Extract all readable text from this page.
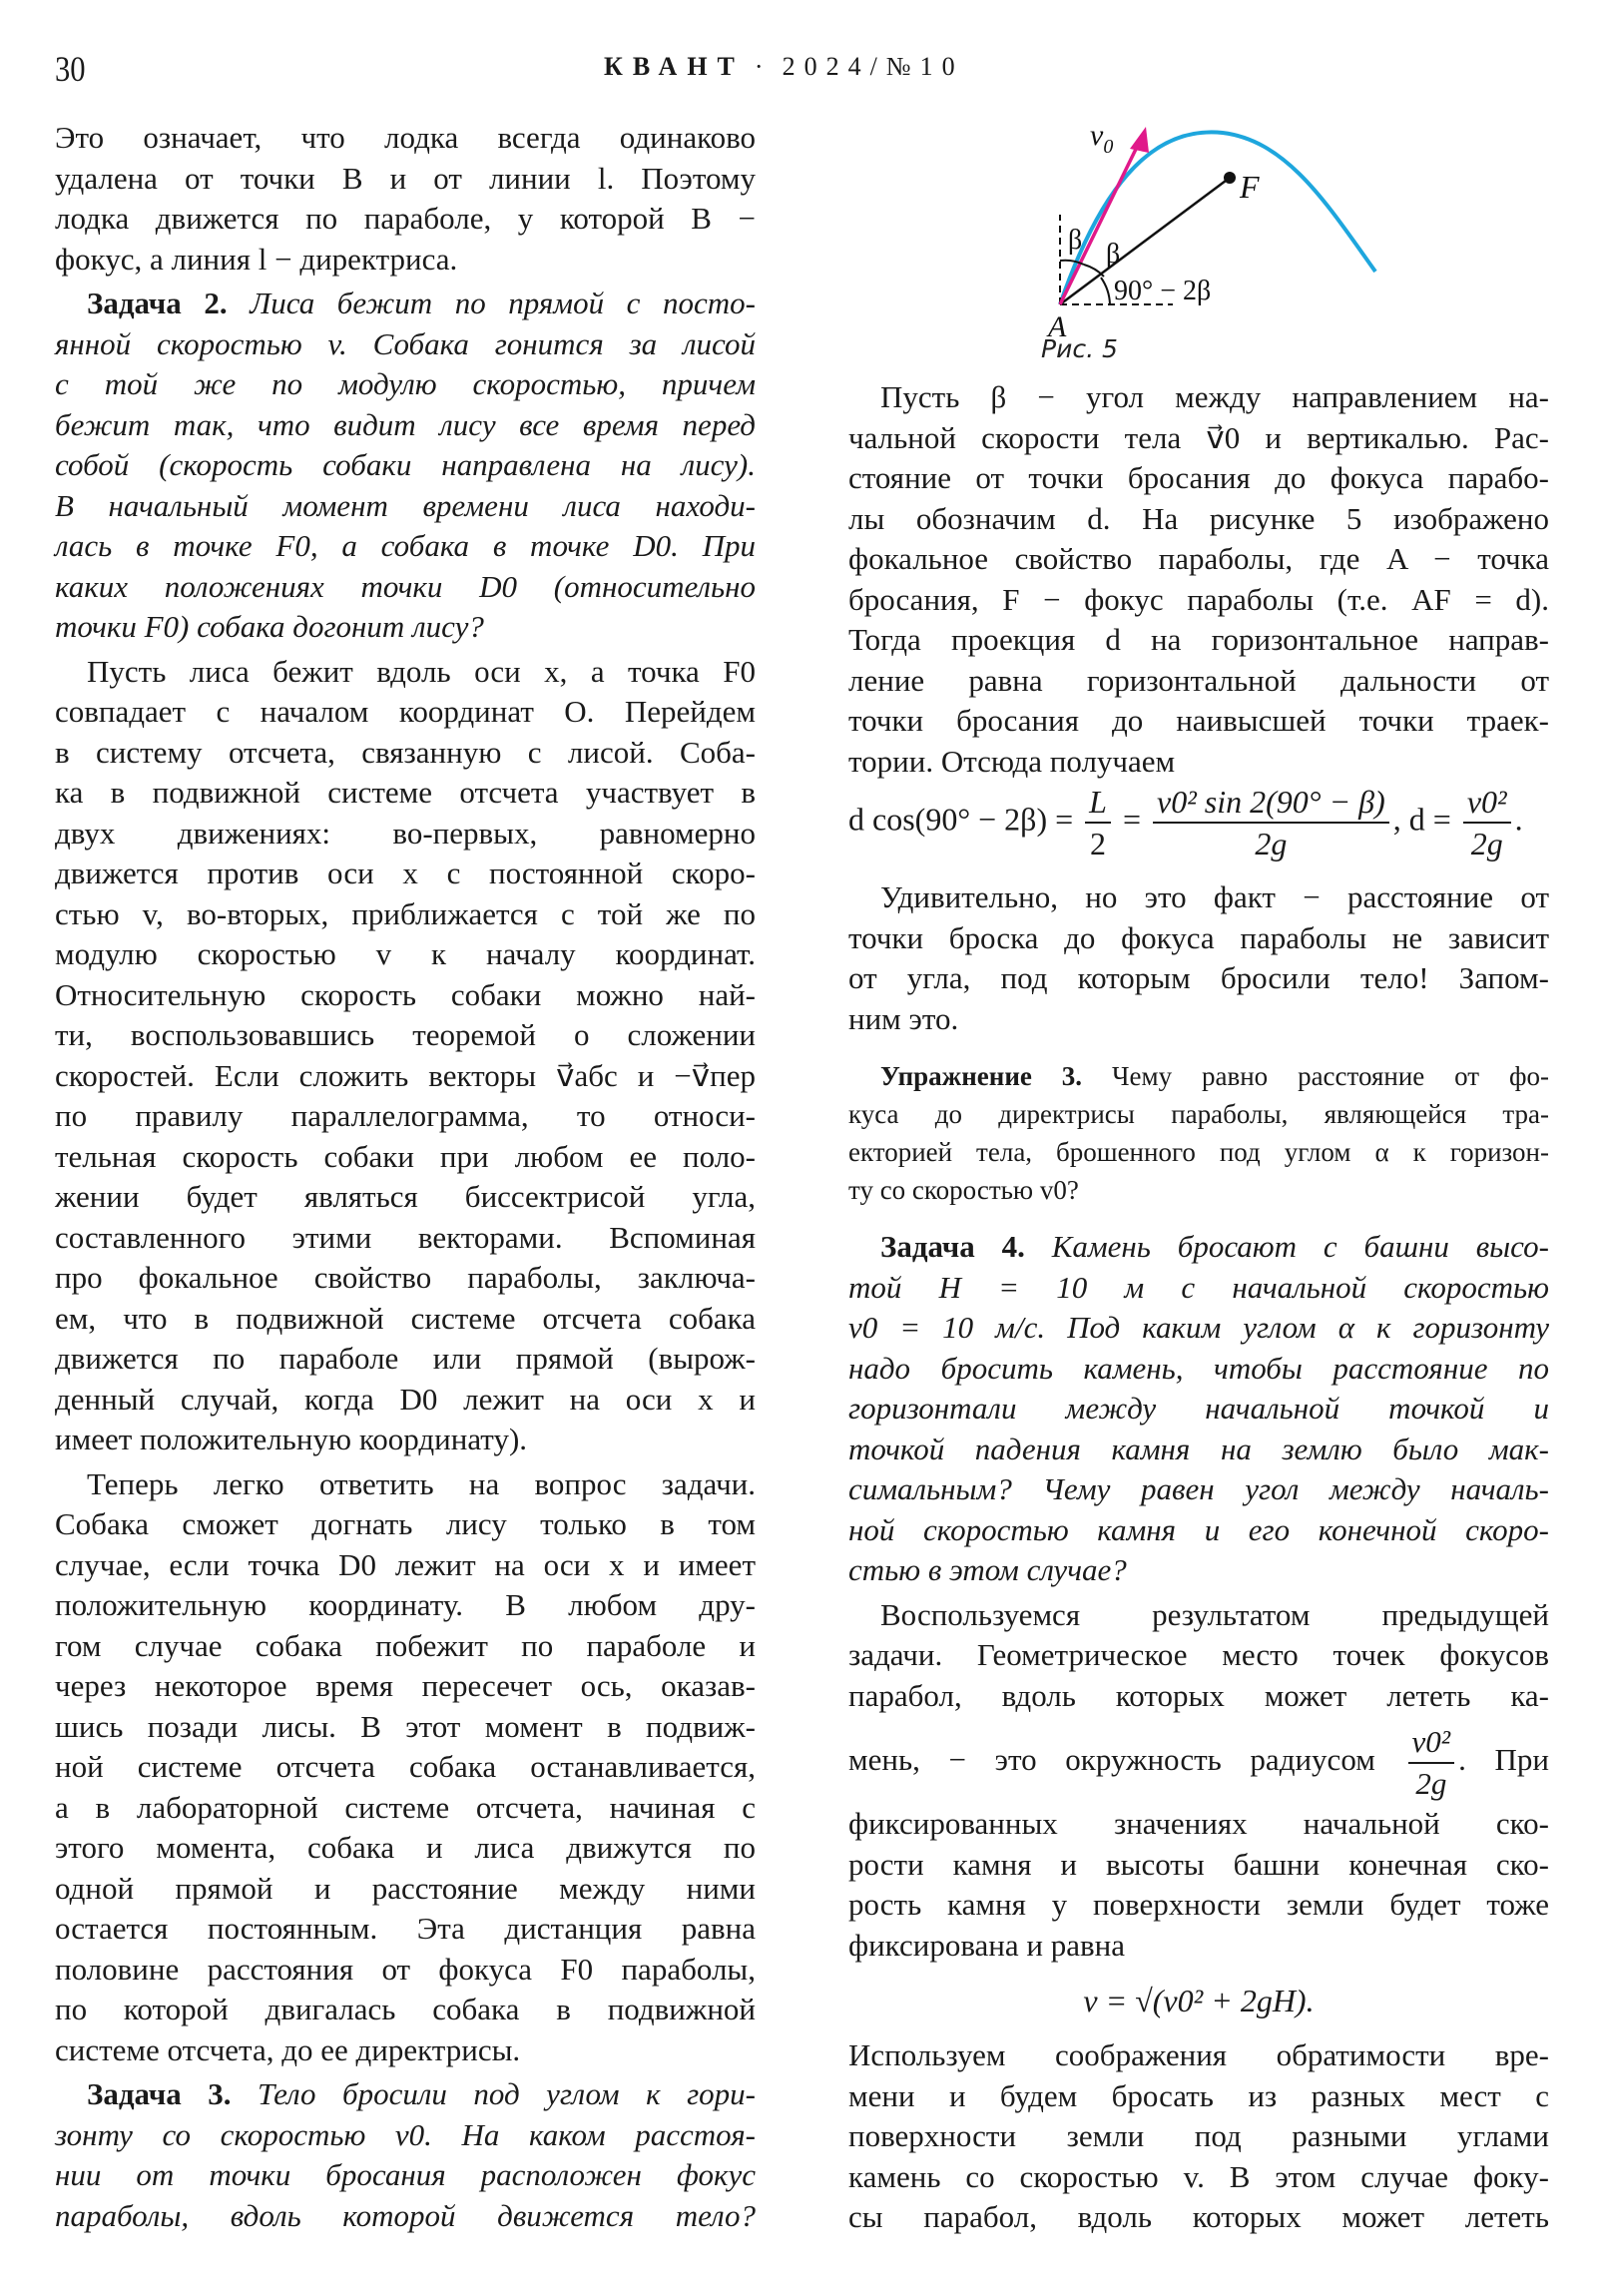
30	КВАНТ · 2024/№10
$v_0$
F
A
β β
90° − 2β
Рис. 5
Это означает, что лодка всегда одинаково
удалена от точки B и от линии l. Поэтому
лодка движется по параболе, у которой B −
фокус, а линия l − директриса.
Задача 2. Лиса бежит по прямой с посто-
янной скоростью v. Собака гонится за лисой
с той же по модулю скоростью, причем
бежит так, что видит лису все время перед
собой (скорость собаки направлена на лису).
В начальный момент времени лиса находи-
лась в точке F0, а собака в точке D0. При
каких положениях точки D0 (относительно
точки F0) собака догонит лису?
Пусть лиса бежит вдоль оси x, а точка F0
совпадает с началом координат O. Перейдем
в систему отсчета, связанную с лисой. Соба-
ка в подвижной системе отсчета участвует в
двух движениях: во-первых, равномерно
движется против оси x с постоянной скоро-
стью v, во-вторых, приближается с той же по
модулю скоростью v к началу координат.
Относительную скорость собаки можно най-
ти, воспользовавшись теоремой о сложении
скоростей. Если сложить векторы v⃗абс и −v⃗пер
по правилу параллелограмма, то относи-
тельная скорость собаки при любом ее поло-
жении будет являться биссектрисой угла,
составленного этими векторами. Вспоминая
про фокальное свойство параболы, заключа-
ем, что в подвижной системе отсчета собака
движется по параболе или прямой (вырож-
денный случай, когда D0 лежит на оси x и
имеет положительную координату).
Теперь легко ответить на вопрос задачи.
Собака сможет догнать лису только в том
случае, если точка D0 лежит на оси x и имеет
положительную координату. В любом дру-
гом случае собака побежит по параболе и
через некоторое время пересечет ось, оказав-
шись позади лисы. В этот момент в подвиж-
ной системе отсчета собака останавливается,
а в лабораторной системе отсчета, начиная с
этого момента, собака и лиса движутся по
одной прямой и расстояние между ними
остается постоянным. Эта дистанция равна
половине расстояния от фокуса F0 параболы,
по которой двигалась собака в подвижной
системе отсчета, до ее директрисы.
Задача 3. Тело бросили под углом к гори-
зонту со скоростью v0. На каком расстоя-
нии от точки бросания расположен фокус
параболы, вдоль которой движется тело?
Пусть β − угол между направлением на-
чальной скорости тела v⃗0 и вертикалью. Рас-
стояние от точки бросания до фокуса парабо-
лы обозначим d. На рисунке 5 изображено
фокальное свойство параболы, где A − точка
бросания, F − фокус параболы (т.е. AF = d).
Тогда проекция d на горизонтальное направ-
ление равна горизонтальной дальности от
точки бросания до наивысшей точки траек-
тории. Отсюда получаем
d $\cos(90^\circ - 2\beta) = \frac{L}{2} = \frac{\text{v0² sin 2(90° − β)}}{2g}$ , $d = \frac{\text{v0²}}{2g}$ .
Удивительно, но это факт − расстояние от
точки броска до фокуса параболы не зависит
от угла, под которым бросили тело! Запом-
ним это.
Упражнение 3. Чему равно расстояние от фо-
куса до директрисы параболы, являющейся тра-
екторией тела, брошенного под углом α к горизон-
ту со скоростью v0?
Задача 4. Камень бросают с башни высо-
той H = 10 м с начальной скоростью
v0 = 10 м/с. Под каким углом α к горизонту
надо бросить камень, чтобы расстояние по
горизонтали между начальной точкой и
точкой падения камня на землю было мак-
симальным? Чему равен угол между началь-
ной скоростью камня и его конечной скоро-
стью в этом случае?
Воспользуемся результатом предыдущей
задачи. Геометрическое место точек фокусов
парабол, вдоль которых может лететь ка-
мень, − это окружность радиусом $\frac{\text{v0²}}{2g}$ . При
фиксированных значениях начальной ско-
рости камня и высоты башни конечная ско-
рость камня у поверхности земли будет тоже
фиксирована и равна
v = √(v0² + 2gH).
Используем соображения обратимости вре-
мени и будем бросать из разных мест с
поверхности земли под разными углами
камень со скоростью v. В этом случае фоку-
сы парабол, вдоль которых может лететь
